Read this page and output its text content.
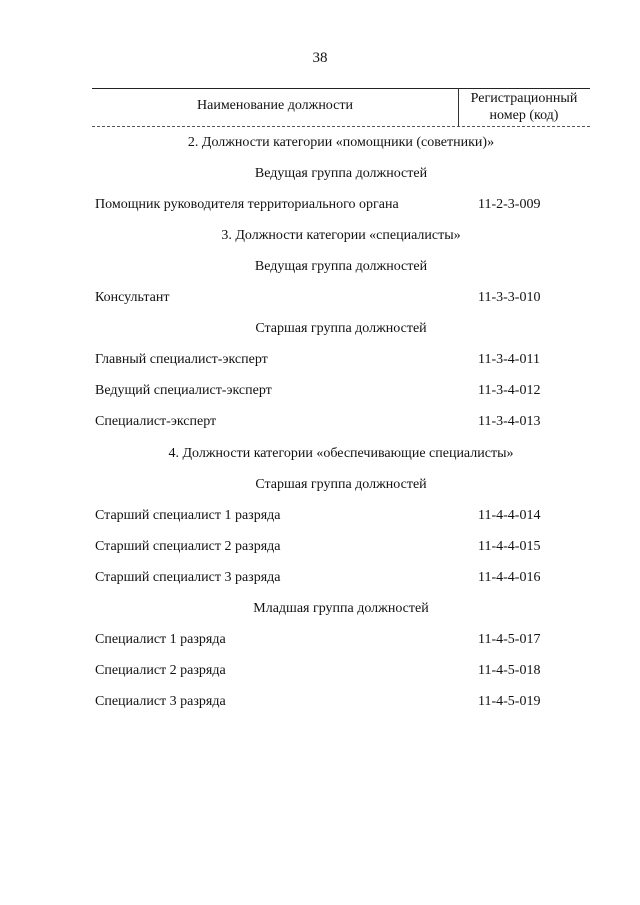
38
Наименование должности	Регистрационный
номер (код)
2. Должности категории «помощники (советники)»
Ведущая группа должностей
Помощник руководителя территориального органа	11-2-3-009
3. Должности категории «специалисты»
Ведущая группа должностей
Консультант	11-3-3-010
Старшая группа должностей
Главный специалист-эксперт	11-3-4-011
Ведущий специалист-эксперт	11-3-4-012
Специалист-эксперт	11-3-4-013
4. Должности категории «обеспечивающие специалисты»
Старшая группа должностей
Старший специалист 1 разряда	11-4-4-014
Старший специалист 2 разряда	11-4-4-015
Старший специалист 3 разряда	11-4-4-016
Младшая группа должностей
Специалист 1 разряда	11-4-5-017
Специалист 2 разряда	11-4-5-018
Специалист 3 разряда	11-4-5-019
